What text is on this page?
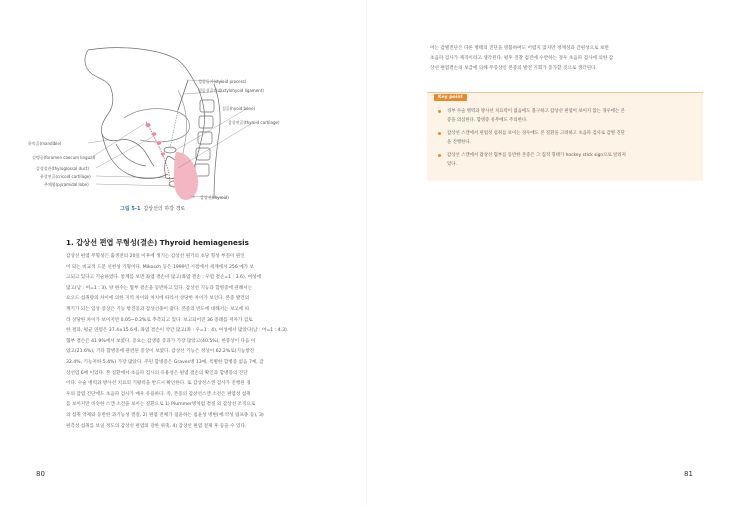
경상돌기(styloid process)
경돌설골인대(stylohyoid ligament)
설골(hyoid bone)
갑상연골(thyroid cartilage)
하악골(mandible)
설맹공(foramen caecum lingual)
갑상설관(thyroglossal duct)
윤상연골(cricoid cartilage)
추체엽(pyramidal lobe)
갑상선(thyroid)
그림 5-1 갑상선의 하강 경로
1. 갑상선 편엽 무형성(결손) Thyroid hemiagenesis
갑상선 편엽 무형성은 출생전의 20일 이후에 생기는 갑상선 원기의 초당 형성 부전이 원인
이 되는 비교적 드문 선천성 기형이다. Mikosch 등은 1999년 시점에서 세계에서 256 예가 보
고되고 있다고 기술하였다. 통계를 보면 좌엽 결손이 많고(좌엽 결손 : 우엽 결손=1 : 3.6), 여성에
많고(남 : 여=1 : 3), 양 변수는 협부 결손을 동반하고 있다. 갑상선 기능과 합병증에 관해서는
요오드 섭취량의 차이에 의한 지역 차이와 처치에 따라서 상당한 차이가 보인다. 본증 발견의
계기가 되는 임상 증상은 기능 항진증과 갑상선종이 많다. 본증의 빈도에 대해서는 보고에 따
라 상당한 차이가 보이지만 0.05~0.2%로 추측되고 있다. 보고되어진 36 증례를 저자가 검토
한 결과, 평균 연령은 37.4±15.6세, 좌엽 결손이 약간 많고(좌 : 우=1 : 4), 여성에서 많았다(남 : 여=1 : 4.3).
협부 결손은 41.9%에서 보였다. 증요는 갑생증 증과가 가장 많았고(40.5%), 한증상이 다음 이
었고(21.6%), 기타 합병증에 관련된 증상이 보였다. 갑상선 기능은 정상이 62.2%로(기능항진
32.4%, 기능저하 5.4%) 가장 많았다. 주된 합병증은 Graves병 13예, 특별한 합병증 없음 7예, 갑
상선염 6예 이었다. 본 질환에서 초음파 검사의 유용성은 편엽 결손의 확인과 합병증의 진단
이다. 수술 병력과 방사선 치료의 기왕력을 반드시 확인한다. 또 갑상선스캔 검사가 진행된 경
우의 갑엽 진단에도 초음파 검사가 매우 유용하다. 즉, 본증의 갑상선스캔 소견은 편엽성 섭취
를 보이지만 비슷한 스캔 소견을 보이는 질환으로 1) Plummer병처럼 결절 외 갑상선 조직으로
의 섭취 억제와 동반한 과기능성 결절, 2) 편엽 전체가 침윤하는 침윤성 병변(예:악성 림프종 등), 3)
편측성 섭취를 보일 정도의 갑상선 편엽의 강한 위축, 4) 갑상선 편엽 절제 후 등을 수 있다.
80	81
어는 감별진단은 다른 병태의 진단을 방불하여도 어렵지 않지만 정재성과 간편성으로 보면
초음파 검사가 제격이라고 생각된다. 평후 진찰 검진에 수반하는 경우 초음파 검사에 의한 갑
상선 편엽결손의 보급에 의해 무증상인 본증의 발견 기회가 증가할 것으로 생각된다.
Key point
경부 수술 병력과 방사선 치료력이 없음에도 불구하고 갑상선 편엽이 보이지 않는 경우에는 본
증을 의심한다. 합병증 유무에도 주의한다.
갑상선 스캔에서 편엽성 섭취를 보이는 경우에도 본 질환을 고려하고 초음파 검사로 감별 진단
을 진행한다.
갑상선 스캔에서 갑상선 협부를 동반한 본증은 그 집적 형태가 hockey stick sign으로 알려져
있다.
